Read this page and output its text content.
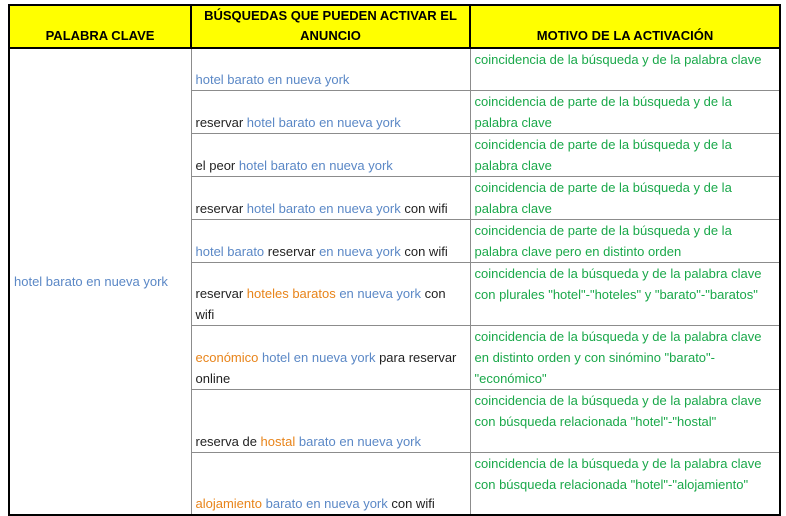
PALABRA CLAVE	BÚSQUEDAS QUE PUEDEN ACTIVAR EL ANUNCIO	MOTIVO DE LA ACTIVACIÓN
hotel barato en nueva york	hotel barato en nueva york	coincidencia de la búsqueda y de la palabra clave
	reservar hotel barato en nueva york	coincidencia de parte de la búsqueda y de la palabra clave
	el peor hotel barato en nueva york	coincidencia de parte de la búsqueda y de la palabra clave
	reservar hotel barato en nueva york con wifi	coincidencia de parte de la búsqueda y de la palabra clave
	hotel barato reservar en nueva york con wifi	coincidencia de parte de la búsqueda y de la palabra clave pero en distinto orden
	reservar hoteles baratos en nueva york con wifi	coincidencia de la búsqueda y de la palabra clave con plurales "hotel"-"hoteles" y "barato"-"baratos"
	económico hotel en nueva york para reservar online	coincidencia de la búsqueda y de la palabra clave en distinto orden y con sinómino "barato"-"económico"
	reserva de hostal barato en nueva york	coincidencia de la búsqueda y de la palabra clave con búsqueda relacionada "hotel"-"hostal"
	alojamiento barato en nueva york con wifi	coincidencia de la búsqueda y de la palabra clave con búsqueda relacionada "hotel"-"alojamiento"
